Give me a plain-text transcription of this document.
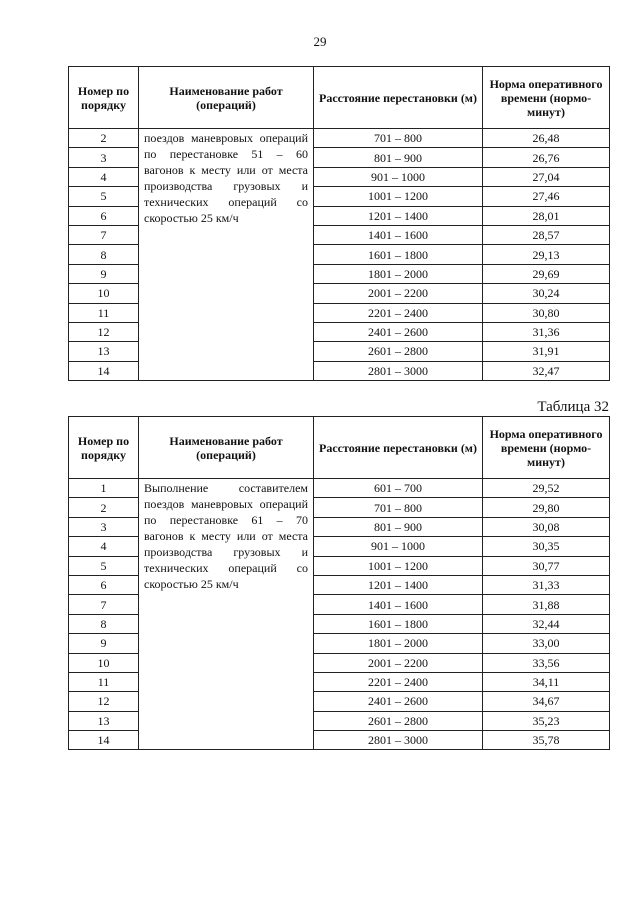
29
Номер по порядку	Наименование работ (операций)	Расстояние перестановки (м)	Норма оперативного времени (нормо-минут)
2	поездов маневровых операций по перестановке 51 – 60 вагонов к месту или от места производства грузовых и технических операций со скоростью 25 км/ч	701 – 800	26,48
3		801 – 900	26,76
4		901 – 1000	27,04
5		1001 – 1200	27,46
6		1201 – 1400	28,01
7		1401 – 1600	28,57
8		1601 – 1800	29,13
9		1801 – 2000	29,69
10		2001 – 2200	30,24
11		2201 – 2400	30,80
12		2401 – 2600	31,36
13		2601 – 2800	31,91
14		2801 – 3000	32,47
Таблица 32
Номер по порядку	Наименование работ (операций)	Расстояние перестановки (м)	Норма оперативного времени (нормо-минут)
1	Выполнение составителем поездов маневровых операций по перестановке 61 – 70 вагонов к месту или от места производства грузовых и технических операций со скоростью 25 км/ч	601 – 700	29,52
2		701 – 800	29,80
3		801 – 900	30,08
4		901 – 1000	30,35
5		1001 – 1200	30,77
6		1201 – 1400	31,33
7		1401 – 1600	31,88
8		1601 – 1800	32,44
9		1801 – 2000	33,00
10		2001 – 2200	33,56
11		2201 – 2400	34,11
12		2401 – 2600	34,67
13		2601 – 2800	35,23
14		2801 – 3000	35,78
